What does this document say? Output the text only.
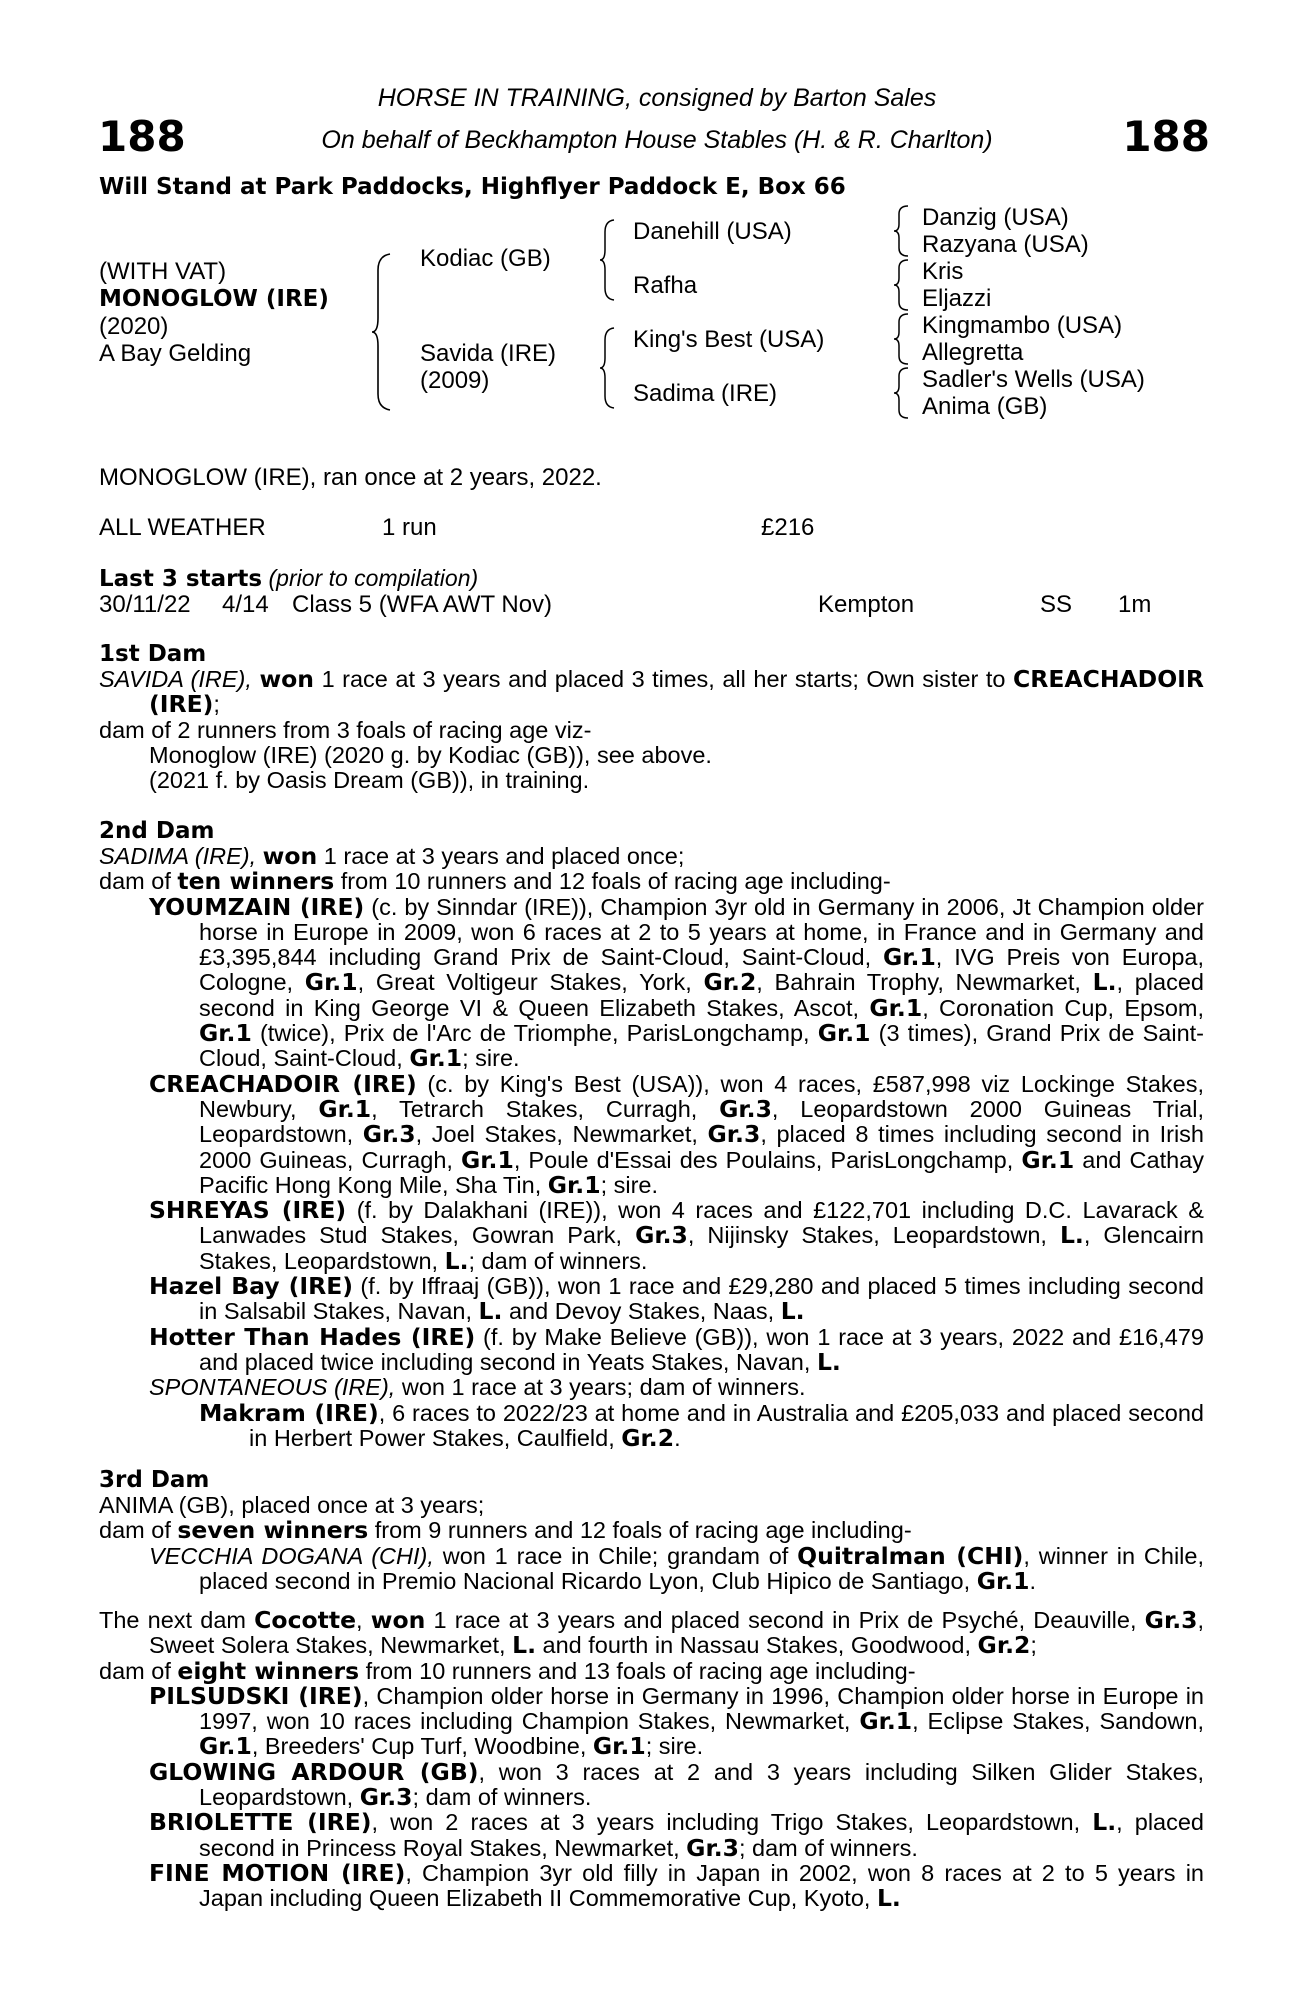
188	188
HORSE IN TRAINING, consigned by Barton Sales
On behalf of Beckhampton House Stables (H. & R. Charlton)
Will Stand at Park Paddocks, Highflyer Paddock E, Box 66
(WITH VAT)
MONOGLOW (IRE)
(2020)
A Bay Gelding
Kodiac (GB)
Savida (IRE)
(2009)
Danehill (USA)
Rafha
King's Best (USA)
Sadima (IRE)
Danzig (USA)
Razyana (USA)
Kris
Eljazzi
Kingmambo (USA)
Allegretta
Sadler's Wells (USA)
Anima (GB)
MONOGLOW (IRE), ran once at 2 years, 2022.
ALL WEATHER	1 run	£216
Last 3 starts (prior to compilation)
30/11/22 4/14 Class 5 (WFA AWT Nov)	Kempton	SS 1m
1st Dam

SAVIDA (IRE), won 1 race at 3 years and placed 3 times, all her starts; Own sister to CREACHADOIR (IRE);

dam of 2 runners from 3 foals of racing age viz-

Monoglow (IRE) (2020 g. by Kodiac (GB)), see above.

(2021 f. by Oasis Dream (GB)), in training.

2nd Dam

SADIMA (IRE), won 1 race at 3 years and placed once;

dam of ten winners from 10 runners and 12 foals of racing age including-

YOUMZAIN (IRE) (c. by Sinndar (IRE)), Champion 3yr old in Germany in 2006, Jt Champion older horse in Europe in 2009, won 6 races at 2 to 5 years at home, in France and in Germany and £3,395,844 including Grand Prix de Saint-Cloud, Saint-Cloud, Gr.1, IVG Preis von Europa, Cologne, Gr.1, Great Voltigeur Stakes, York, Gr.2, Bahrain Trophy, Newmarket, L., placed second in King George VI & Queen Elizabeth Stakes, Ascot, Gr.1, Coronation Cup, Epsom, Gr.1 (twice), Prix de l'Arc de Triomphe, ParisLongchamp, Gr.1 (3 times), Grand Prix de Saint-Cloud, Saint-Cloud, Gr.1; sire.

CREACHADOIR (IRE) (c. by King's Best (USA)), won 4 races, £587,998 viz Lockinge Stakes, Newbury, Gr.1, Tetrarch Stakes, Curragh, Gr.3, Leopardstown 2000 Guineas Trial, Leopardstown, Gr.3, Joel Stakes, Newmarket, Gr.3, placed 8 times including second in Irish 2000 Guineas, Curragh, Gr.1, Poule d'Essai des Poulains, ParisLongchamp, Gr.1 and Cathay Pacific Hong Kong Mile, Sha Tin, Gr.1; sire.

SHREYAS (IRE) (f. by Dalakhani (IRE)), won 4 races and £122,701 including D.C. Lavarack & Lanwades Stud Stakes, Gowran Park, Gr.3, Nijinsky Stakes, Leopardstown, L., Glencairn Stakes, Leopardstown, L.; dam of winners.

Hazel Bay (IRE) (f. by Iffraaj (GB)), won 1 race and £29,280 and placed 5 times including second in Salsabil Stakes, Navan, L. and Devoy Stakes, Naas, L.

Hotter Than Hades (IRE) (f. by Make Believe (GB)), won 1 race at 3 years, 2022 and £16,479 and placed twice including second in Yeats Stakes, Navan, L.

SPONTANEOUS (IRE), won 1 race at 3 years; dam of winners.

Makram (IRE), 6 races to 2022/23 at home and in Australia and £205,033 and placed second in Herbert Power Stakes, Caulfield, Gr.2.

3rd Dam

ANIMA (GB), placed once at 3 years;

dam of seven winners from 9 runners and 12 foals of racing age including-

VECCHIA DOGANA (CHI), won 1 race in Chile; grandam of Quitralman (CHI), winner in Chile, placed second in Premio Nacional Ricardo Lyon, Club Hipico de Santiago, Gr.1.

The next dam Cocotte, won 1 race at 3 years and placed second in Prix de Psyché, Deauville, Gr.3, Sweet Solera Stakes, Newmarket, L. and fourth in Nassau Stakes, Goodwood, Gr.2;

dam of eight winners from 10 runners and 13 foals of racing age including-

PILSUDSKI (IRE), Champion older horse in Germany in 1996, Champion older horse in Europe in 1997, won 10 races including Champion Stakes, Newmarket, Gr.1, Eclipse Stakes, Sandown, Gr.1, Breeders' Cup Turf, Woodbine, Gr.1; sire.

GLOWING ARDOUR (GB), won 3 races at 2 and 3 years including Silken Glider Stakes, Leopardstown, Gr.3; dam of winners.

BRIOLETTE (IRE), won 2 races at 3 years including Trigo Stakes, Leopardstown, L., placed second in Princess Royal Stakes, Newmarket, Gr.3; dam of winners.

FINE MOTION (IRE), Champion 3yr old filly in Japan in 2002, won 8 races at 2 to 5 years in Japan including Queen Elizabeth II Commemorative Cup, Kyoto, L.
